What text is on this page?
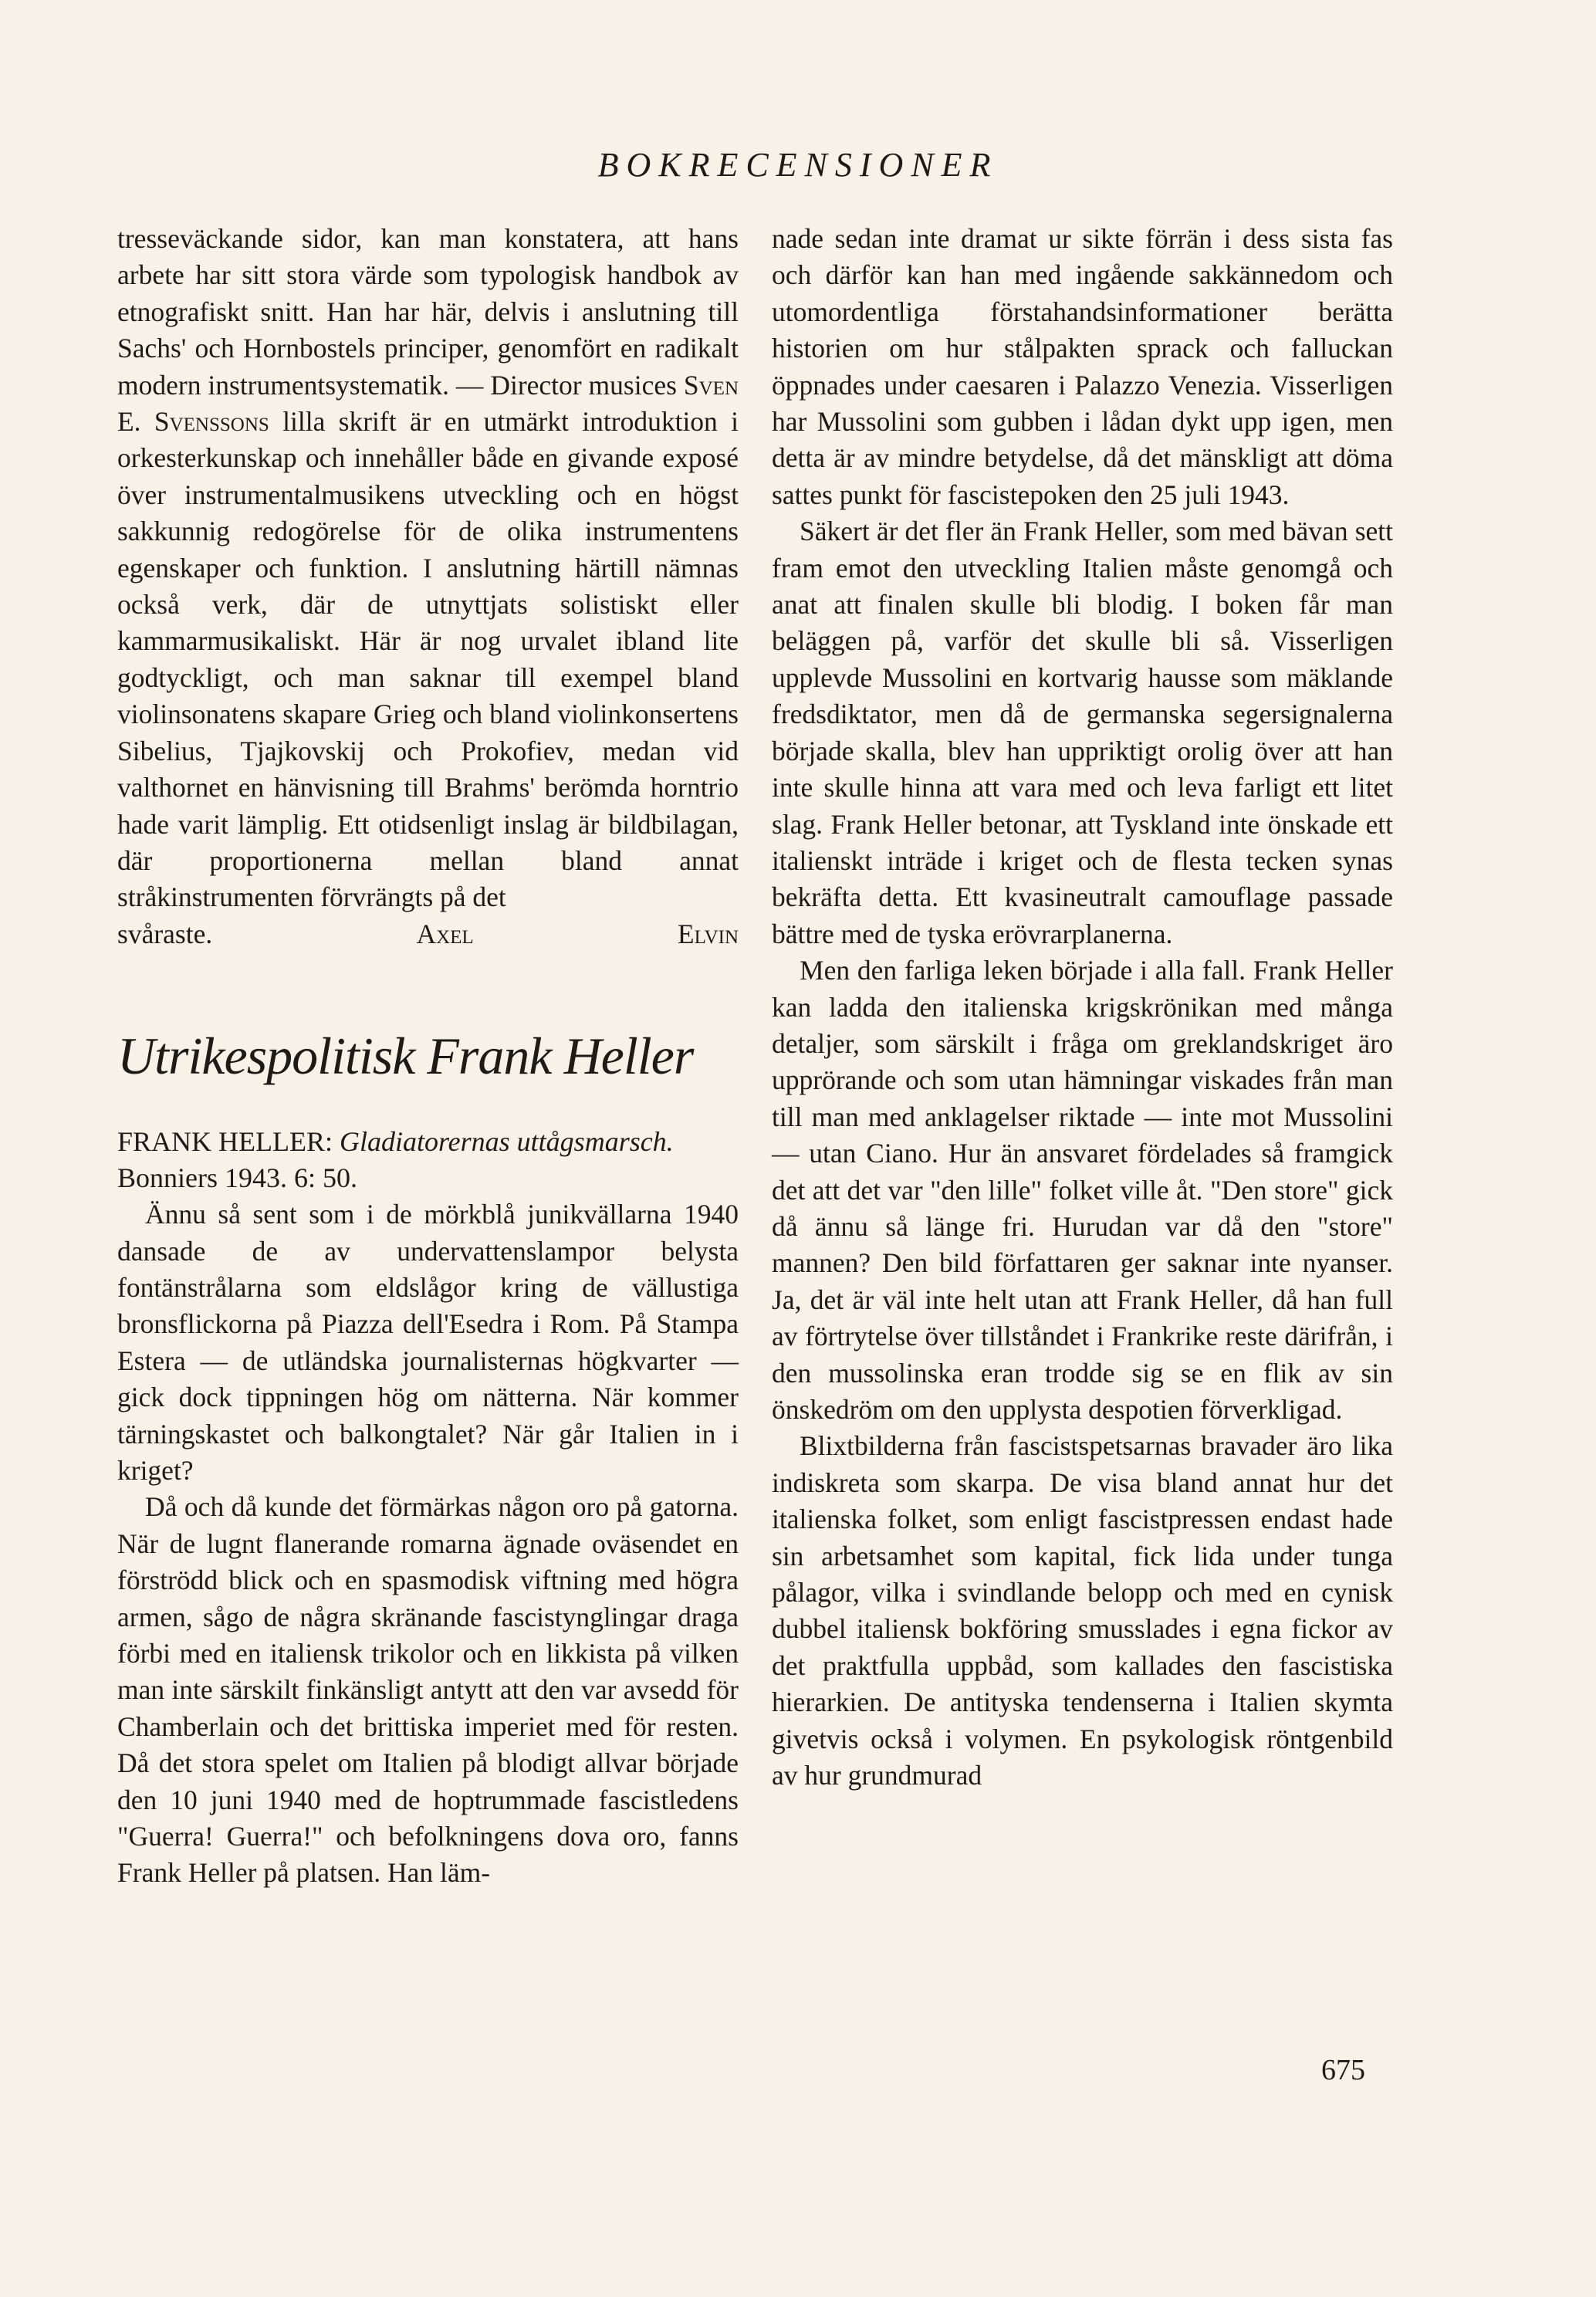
BOKRECENSIONER

tresseväckande sidor, kan man konstatera, att hans arbete har sitt stora värde som typologisk handbok av etnografiskt snitt. Han har här, delvis i anslutning till Sachs' och Hornbostels principer, genomfört en radikalt modern instrumentsystematik. — Director musices Sven E. Svenssons lilla skrift är en utmärkt introduktion i orkesterkunskap och innehåller både en givande exposé över instrumentalmusikens utveckling och en högst sakkunnig redogörelse för de olika instrumentens egenskaper och funktion. I anslutning härtill nämnas också verk, där de utnyttjats solistiskt eller kammarmusikaliskt. Här är nog urvalet ibland lite godtyckligt, och man saknar till exempel bland violinsonatens skapare Grieg och bland violinkonsertens Sibelius, Tjajkovskij och Prokofiev, medan vid valthornet en hänvisning till Brahms' berömda horntrio hade varit lämplig. Ett otidsenligt inslag är bildbilagan, där proportionerna mellan bland annat stråkinstrumenten förvrängts på det

svåraste.	Axel Elvin

Utrikespolitisk Frank Heller

FRANK HELLER: Gladiatorernas uttågsmarsch. Bonniers 1943. 6: 50.

Ännu så sent som i de mörkblå junikvällarna 1940 dansade de av undervattenslampor belysta fontänstrålarna som eldslågor kring de vällustiga bronsflickorna på Piazza dell'Esedra i Rom. På Stampa Estera — de utländska journalisternas högkvarter — gick dock tippningen hög om nätterna. När kommer tärningskastet och balkongtalet? När går Italien in i kriget?

Då och då kunde det förmärkas någon oro på gatorna. När de lugnt flanerande romarna ägnade oväsendet en förströdd blick och en spasmodisk viftning med högra armen, sågo de några skränande fascistynglingar draga förbi med en italiensk trikolor och en likkista på vilken man inte särskilt finkänsligt antytt att den var avsedd för Chamberlain och det brittiska imperiet med för resten. Då det stora spelet om Italien på blodigt allvar började den 10 juni 1940 med de hoptrummade fascistledens "Guerra! Guerra!" och befolkningens dova oro, fanns Frank Heller på platsen. Han läm-

nade sedan inte dramat ur sikte förrän i dess sista fas och därför kan han med ingående sakkännedom och utomordentliga förstahandsinformationer berätta historien om hur stålpakten sprack och falluckan öppnades under caesaren i Palazzo Venezia. Visserligen har Mussolini som gubben i lådan dykt upp igen, men detta är av mindre betydelse, då det mänskligt att döma sattes punkt för fascistepoken den 25 juli 1943.

Säkert är det fler än Frank Heller, som med bävan sett fram emot den utveckling Italien måste genomgå och anat att finalen skulle bli blodig. I boken får man beläggen på, varför det skulle bli så. Visserligen upplevde Mussolini en kortvarig hausse som mäklande fredsdiktator, men då de germanska segersignalerna började skalla, blev han uppriktigt orolig över att han inte skulle hinna att vara med och leva farligt ett litet slag. Frank Heller betonar, att Tyskland inte önskade ett italienskt inträde i kriget och de flesta tecken synas bekräfta detta. Ett kvasineutralt camouflage passade bättre med de tyska erövrarplanerna.

Men den farliga leken började i alla fall. Frank Heller kan ladda den italienska krigskrönikan med många detaljer, som särskilt i fråga om greklandskriget äro upprörande och som utan hämningar viskades från man till man med anklagelser riktade — inte mot Mussolini — utan Ciano. Hur än ansvaret fördelades så framgick det att det var "den lille" folket ville åt. "Den store" gick då ännu så länge fri. Hurudan var då den "store" mannen? Den bild författaren ger saknar inte nyanser. Ja, det är väl inte helt utan att Frank Heller, då han full av förtrytelse över tillståndet i Frankrike reste därifrån, i den mussolinska eran trodde sig se en flik av sin önskedröm om den upplysta despotien förverkligad.

Blixtbilderna från fascistspetsarnas bravader äro lika indiskreta som skarpa. De visa bland annat hur det italienska folket, som enligt fascistpressen endast hade sin arbetsamhet som kapital, fick lida under tunga pålagor, vilka i svindlande belopp och med en cynisk dubbel italiensk bokföring smusslades i egna fickor av det praktfulla uppbåd, som kallades den fascistiska hierarkien. De antityska tendenserna i Italien skymta givetvis också i volymen. En psykologisk röntgenbild av hur grundmurad

675
